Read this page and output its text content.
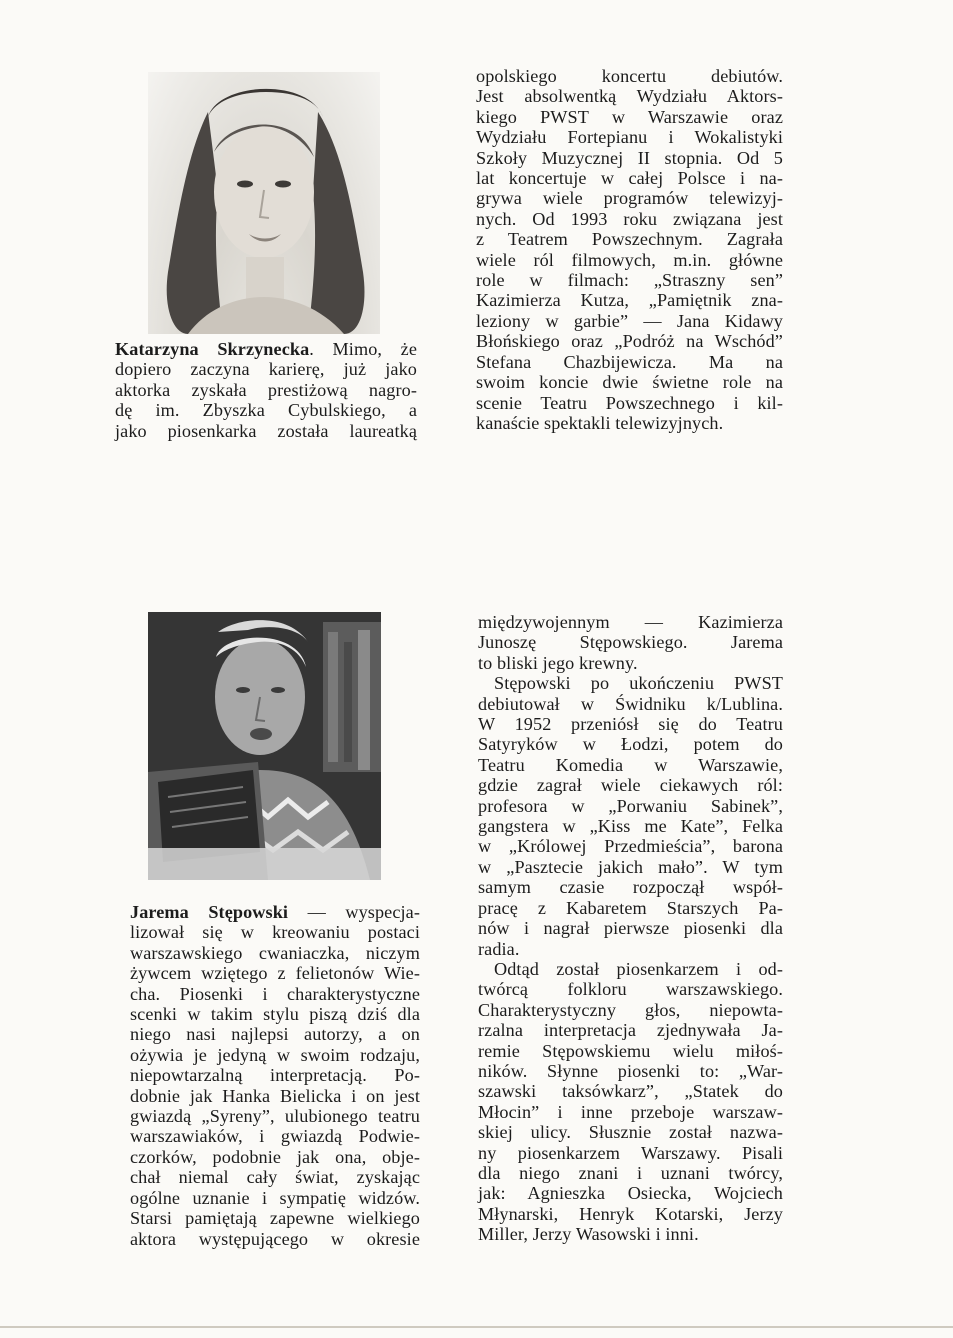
Katarzyna Skrzynecka. Mimo, że
dopiero zaczyna karierę, już jako
aktorka zyskała prestiżową nagro-
dę im. Zbyszka Cybulskiego, a
jako piosenkarka została laureatką
opolskiego koncertu debiutów.
Jest absolwentką Wydziału Aktors-
kiego PWST w Warszawie oraz
Wydziału Fortepianu i Wokalistyki
Szkoły Muzycznej II stopnia. Od 5
lat koncertuje w całej Polsce i na-
grywa wiele programów telewizyj-
nych. Od 1993 roku związana jest
z Teatrem Powszechnym. Zagrała
wiele ról filmowych, m.in. główne
role w filmach: „Straszny sen”
Kazimierza Kutza, „Pamiętnik zna-
leziony w garbie” — Jana Kidawy
Błońskiego oraz „Podróż na Wschód”
Stefana Chazbijewicza. Ma na
swoim koncie dwie świetne role na
scenie Teatru Powszechnego i kil-
kanaście spektakli telewizyjnych.
Jarema Stępowski — wyspecja-
lizował się w kreowaniu postaci
warszawskiego cwaniaczka, niczym
żywcem wziętego z felietonów Wie-
cha. Piosenki i charakterystyczne
scenki w takim stylu piszą dziś dla
niego nasi najlepsi autorzy, a on
ożywia je jedyną w swoim rodzaju,
niepowtarzalną interpretacją. Po-
dobnie jak Hanka Bielicka i on jest
gwiazdą „Syreny”, ulubionego teatru
warszawiaków, i gwiazdą Podwie-
czorków, podobnie jak ona, obje-
chał niemal cały świat, zyskając
ogólne uznanie i sympatię widzów.
Starsi pamiętają zapewne wielkiego
aktora występującego w okresie
międzywojennym — Kazimierza
Junoszę Stępowskiego. Jarema
to bliski jego krewny.
Stępowski po ukończeniu PWST
debiutował w Świdniku k/Lublina.
W 1952 przeniósł się do Teatru
Satyryków w Łodzi, potem do
Teatru Komedia w Warszawie,
gdzie zagrał wiele ciekawych ról:
profesora w „Porwaniu Sabinek”,
gangstera w „Kiss me Kate”, Felka
w „Królowej Przedmieścia”, barona
w „Pasztecie jakich mało”. W tym
samym czasie rozpoczął współ-
pracę z Kabaretem Starszych Pa-
nów i nagrał pierwsze piosenki dla
radia.
Odtąd został piosenkarzem i od-
twórcą folkloru warszawskiego.
Charakterystyczny głos, niepowta-
rzalna interpretacja zjednywała Ja-
remie Stępowskiemu wielu miłoś-
ników. Słynne piosenki to: „War-
szawski taksówkarz”, „Statek do
Młocin” i inne przeboje warszaw-
skiej ulicy. Słusznie został nazwa-
ny piosenkarzem Warszawy. Pisali
dla niego znani i uznani twórcy,
jak: Agnieszka Osiecka, Wojciech
Młynarski, Henryk Kotarski, Jerzy
Miller, Jerzy Wasowski i inni.
